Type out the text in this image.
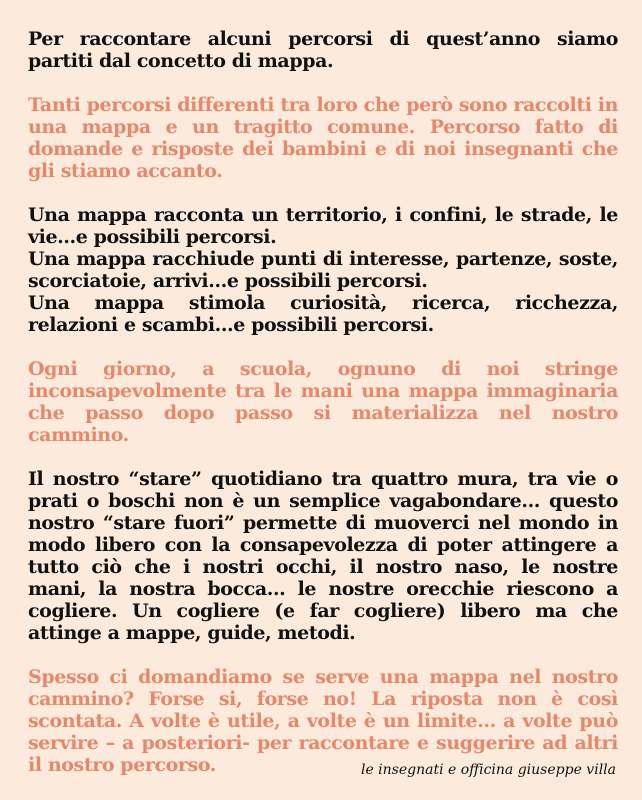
Per raccontare alcuni percorsi di quest’anno siamo partiti dal concetto di mappa.

Tanti percorsi differenti tra loro che però sono raccolti in una mappa e un tragitto comune. Percorso fatto di domande e risposte dei bambini e di noi insegnanti che gli stiamo accanto.

Una mappa racconta un territorio, i confini, le strade, le vie…e possibili percorsi.
Una mappa racchiude punti di interesse, partenze, soste, scorciatoie, arrivi…e possibili percorsi.
Una mappa stimola curiosità, ricerca, ricchezza, relazioni e scambi…e possibili percorsi.

Ogni giorno, a scuola, ognuno di noi stringe inconsapevolmente tra le mani una mappa immaginaria che passo dopo passo si materializza nel nostro cammino.

Il nostro “stare” quotidiano tra quattro mura, tra vie o prati o boschi non è un semplice vagabondare… questo nostro “stare fuori” permette di muoverci nel mondo in modo libero con la consapevolezza di poter attingere a tutto ciò che i nostri occhi, il nostro naso, le nostre mani, la nostra bocca… le nostre orecchie riescono a cogliere. Un cogliere (e far cogliere) libero ma che attinge a mappe, guide, metodi.

Spesso ci domandiamo se serve una mappa nel nostro cammino? Forse si, forse no! La riposta non è così scontata. A volte è utile, a volte è un limite… a volte può servire – a posteriori- per raccontare e suggerire ad altri il nostro percorso.	le insegnati e officina giuseppe villa
